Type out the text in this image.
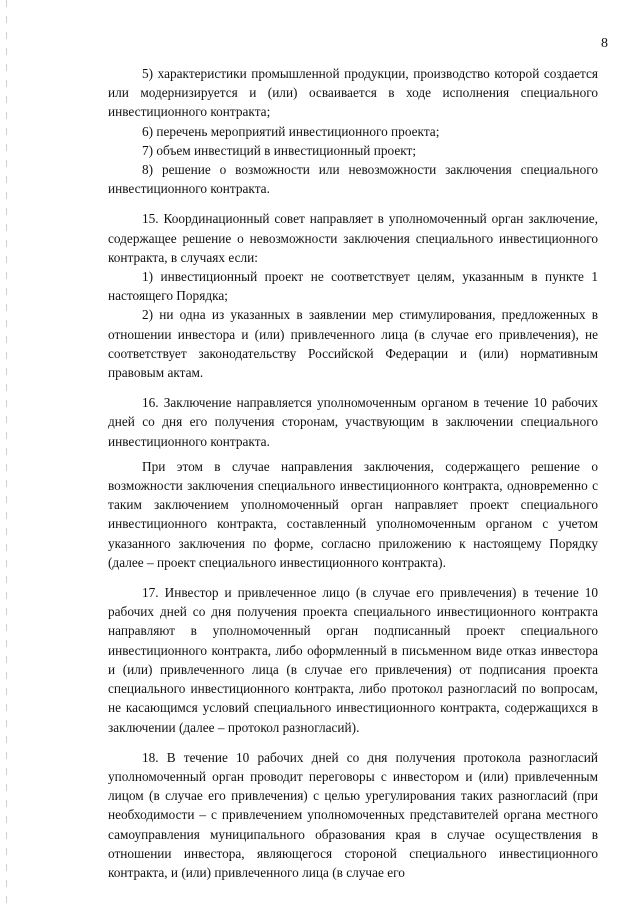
8

5) характеристики промышленной продукции, производство которой создается или модернизируется и (или) осваивается в ходе исполнения специального инвестиционного контракта;

6) перечень мероприятий инвестиционного проекта;

7) объем инвестиций в инвестиционный проект;

8) решение о возможности или невозможности заключения специального инвестиционного контракта.

15. Координационный совет направляет в уполномоченный орган заключение, содержащее решение о невозможности заключения специального инвестиционного контракта, в случаях если:

1) инвестиционный проект не соответствует целям, указанным в пункте 1 настоящего Порядка;

2) ни одна из указанных в заявлении мер стимулирования, предложенных в отношении инвестора и (или) привлеченного лица (в случае его привлечения), не соответствует законодательству Российской Федерации и (или) нормативным правовым актам.

16. Заключение направляется уполномоченным органом в течение 10 рабочих дней со дня его получения сторонам, участвующим в заключении специального инвестиционного контракта.

При этом в случае направления заключения, содержащего решение о возможности заключения специального инвестиционного контракта, одновременно с таким заключением уполномоченный орган направляет проект специального инвестиционного контракта, составленный уполномоченным органом с учетом указанного заключения по форме, согласно приложению к настоящему Порядку (далее – проект специального инвестиционного контракта).

17. Инвестор и привлеченное лицо (в случае его привлечения) в течение 10 рабочих дней со дня получения проекта специального инвестиционного контракта направляют в уполномоченный орган подписанный проект специального инвестиционного контракта, либо оформленный в письменном виде отказ инвестора и (или) привлеченного лица (в случае его привлечения) от подписания проекта специального инвестиционного контракта, либо протокол разногласий по вопросам, не касающимся условий специального инвестиционного контракта, содержащихся в заключении (далее – протокол разногласий).

18. В течение 10 рабочих дней со дня получения протокола разногласий уполномоченный орган проводит переговоры с инвестором и (или) привлеченным лицом (в случае его привлечения) с целью урегулирования таких разногласий (при необходимости – с привлечением уполномоченных представителей органа местного самоуправления муниципального образования края в случае осуществления в отношении инвестора, являющегося стороной специального инвестиционного контракта, и (или) привлеченного лица (в случае его
